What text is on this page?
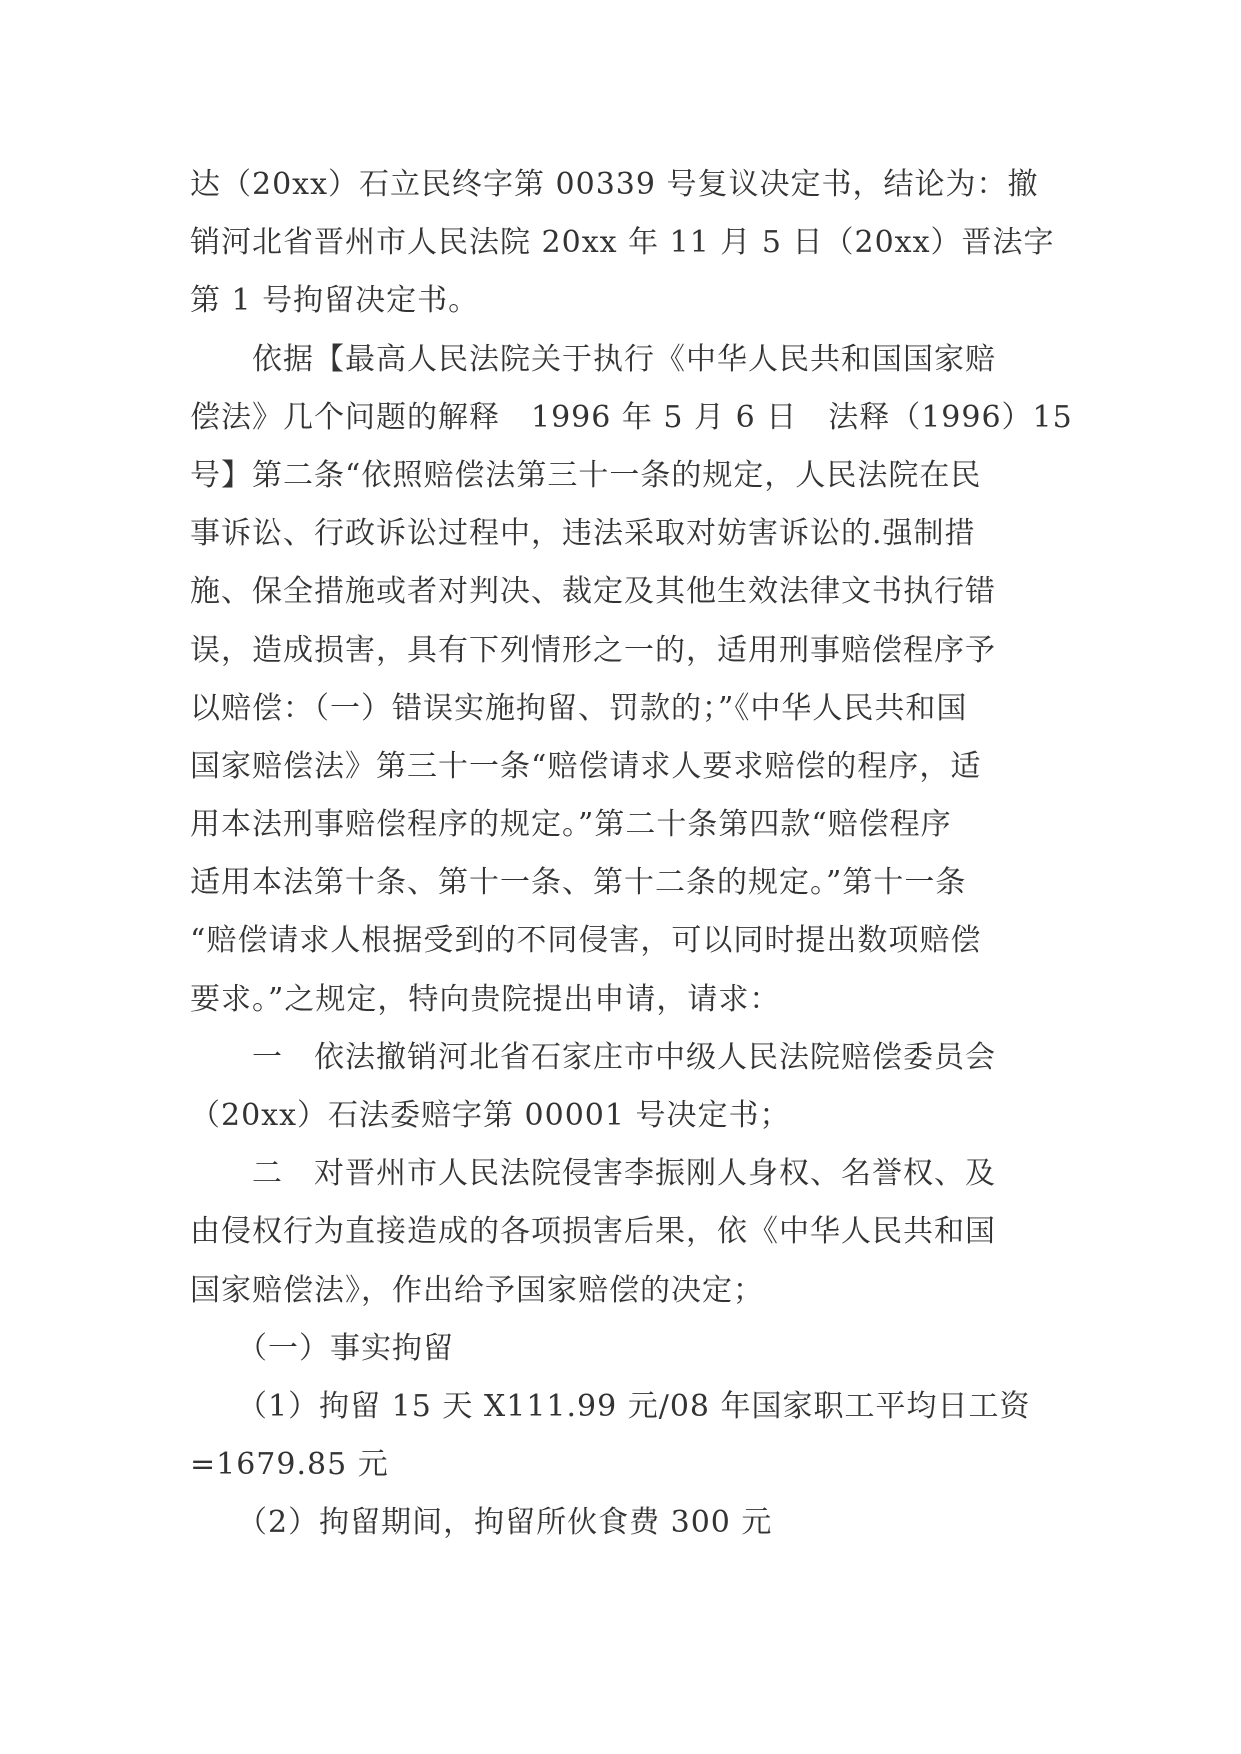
达（20xx）石立民终字第 00339 号复议决定书，结论为：撤
销河北省晋州市人民法院 20xx 年 11 月 5 日（20xx）晋法字
第 1 号拘留决定书。
　　依据【最高人民法院关于执行《中华人民共和国国家赔
偿法》几个问题的解释　1996 年 5 月 6 日　法释（1996）15
号】第二条“依照赔偿法第三十一条的规定，人民法院在民
事诉讼、行政诉讼过程中，违法采取对妨害诉讼的.强制措
施、保全措施或者对判决、裁定及其他生效法律文书执行错
误，造成损害，具有下列情形之一的，适用刑事赔偿程序予
以赔偿：（一）错误实施拘留、罚款的；”《中华人民共和国
国家赔偿法》第三十一条“赔偿请求人要求赔偿的程序，适
用本法刑事赔偿程序的规定。”第二十条第四款“赔偿程序
适用本法第十条、第十一条、第十二条的规定。”第十一条
“赔偿请求人根据受到的不同侵害，可以同时提出数项赔偿
要求。”之规定，特向贵院提出申请，请求：
　　一　依法撤销河北省石家庄市中级人民法院赔偿委员会
（20xx）石法委赔字第 00001 号决定书；
　　二　对晋州市人民法院侵害李振刚人身权、名誉权、及
由侵权行为直接造成的各项损害后果，依《中华人民共和国
国家赔偿法》，作出给予国家赔偿的决定；
　　（一）事实拘留
　　（1）拘留 15 天 X111.99 元/08 年国家职工平均日工资
=1679.85 元
　　（2）拘留期间，拘留所伙食费 300 元
